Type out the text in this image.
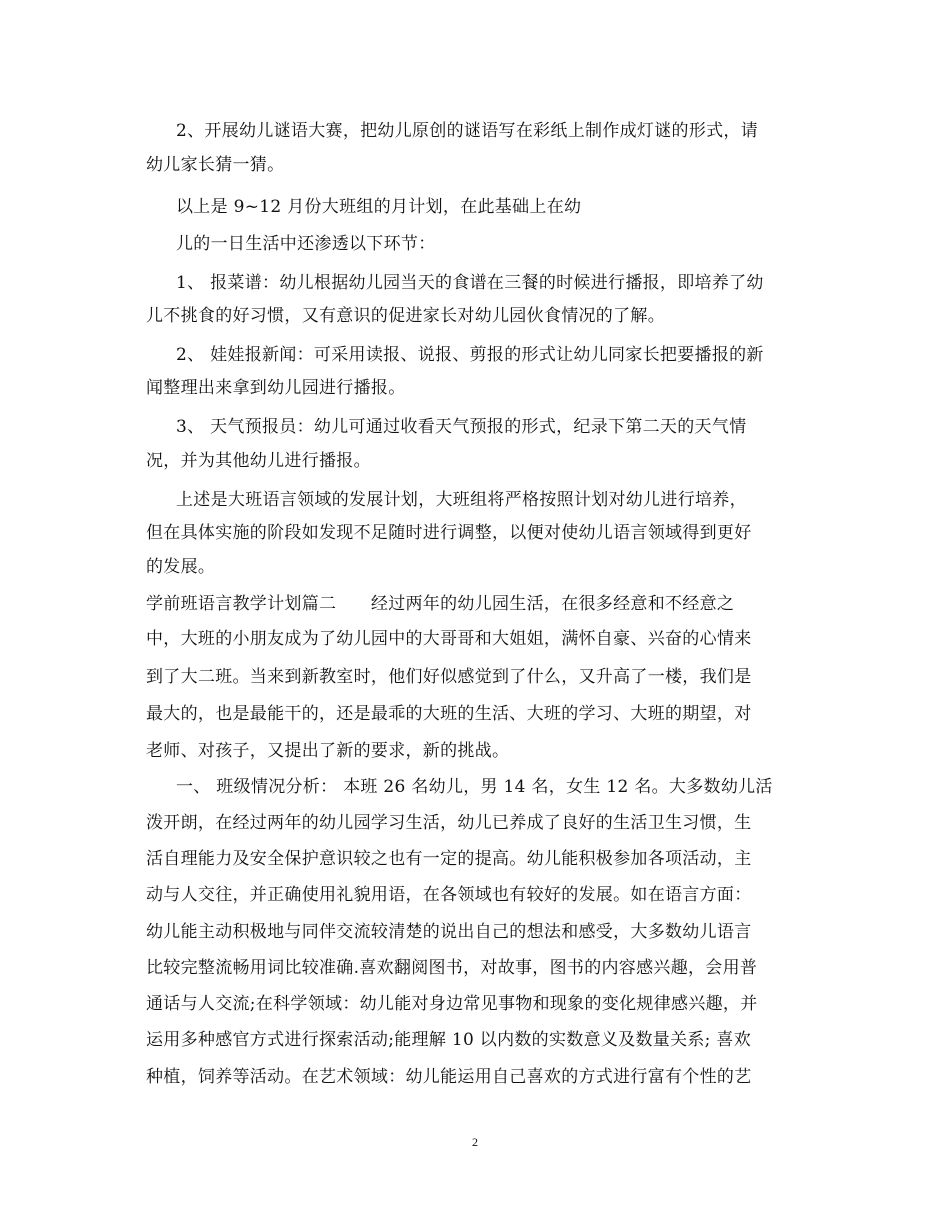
2、开展幼儿谜语大赛，把幼儿原创的谜语写在彩纸上制作成灯谜的形式，请
幼儿家长猜一猜。
以上是 9~12 月份大班组的月计划，在此基础上在幼
儿的一日生活中还渗透以下环节：
1、 报菜谱：幼儿根据幼儿园当天的食谱在三餐的时候进行播报，即培养了幼
儿不挑食的好习惯，又有意识的促进家长对幼儿园伙食情况的了解。
2、 娃娃报新闻：可采用读报、说报、剪报的形式让幼儿同家长把要播报的新
闻整理出来拿到幼儿园进行播报。
3、 天气预报员：幼儿可通过收看天气预报的形式，纪录下第二天的天气情
况，并为其他幼儿进行播报。
上述是大班语言领域的发展计划，大班组将严格按照计划对幼儿进行培养，
但在具体实施的阶段如发现不足随时进行调整，以便对使幼儿语言领域得到更好
的发展。
学前班语言教学计划篇二　　经过两年的幼儿园生活，在很多经意和不经意之
中，大班的小朋友成为了幼儿园中的大哥哥和大姐姐，满怀自豪、兴奋的心情来
到了大二班。当来到新教室时，他们好似感觉到了什么，又升高了一楼，我们是
最大的，也是最能干的，还是最乖的大班的生活、大班的学习、大班的期望，对
老师、对孩子，又提出了新的要求，新的挑战。
一、 班级情况分析： 本班 26 名幼儿，男 14 名，女生 12 名。大多数幼儿活
泼开朗，在经过两年的幼儿园学习生活，幼儿已养成了良好的生活卫生习惯，生
活自理能力及安全保护意识较之也有一定的提高。幼儿能积极参加各项活动，主
动与人交往，并正确使用礼貌用语，在各领域也有较好的发展。如在语言方面：
幼儿能主动积极地与同伴交流较清楚的说出自己的想法和感受，大多数幼儿语言
比较完整流畅用词比较准确.喜欢翻阅图书，对故事，图书的内容感兴趣，会用普
通话与人交流;在科学领域：幼儿能对身边常见事物和现象的变化规律感兴趣，并
运用多种感官方式进行探索活动;能理解 10 以内数的实数意义及数量关系; 喜欢
种植，饲养等活动。在艺术领域：幼儿能运用自己喜欢的方式进行富有个性的艺
2
